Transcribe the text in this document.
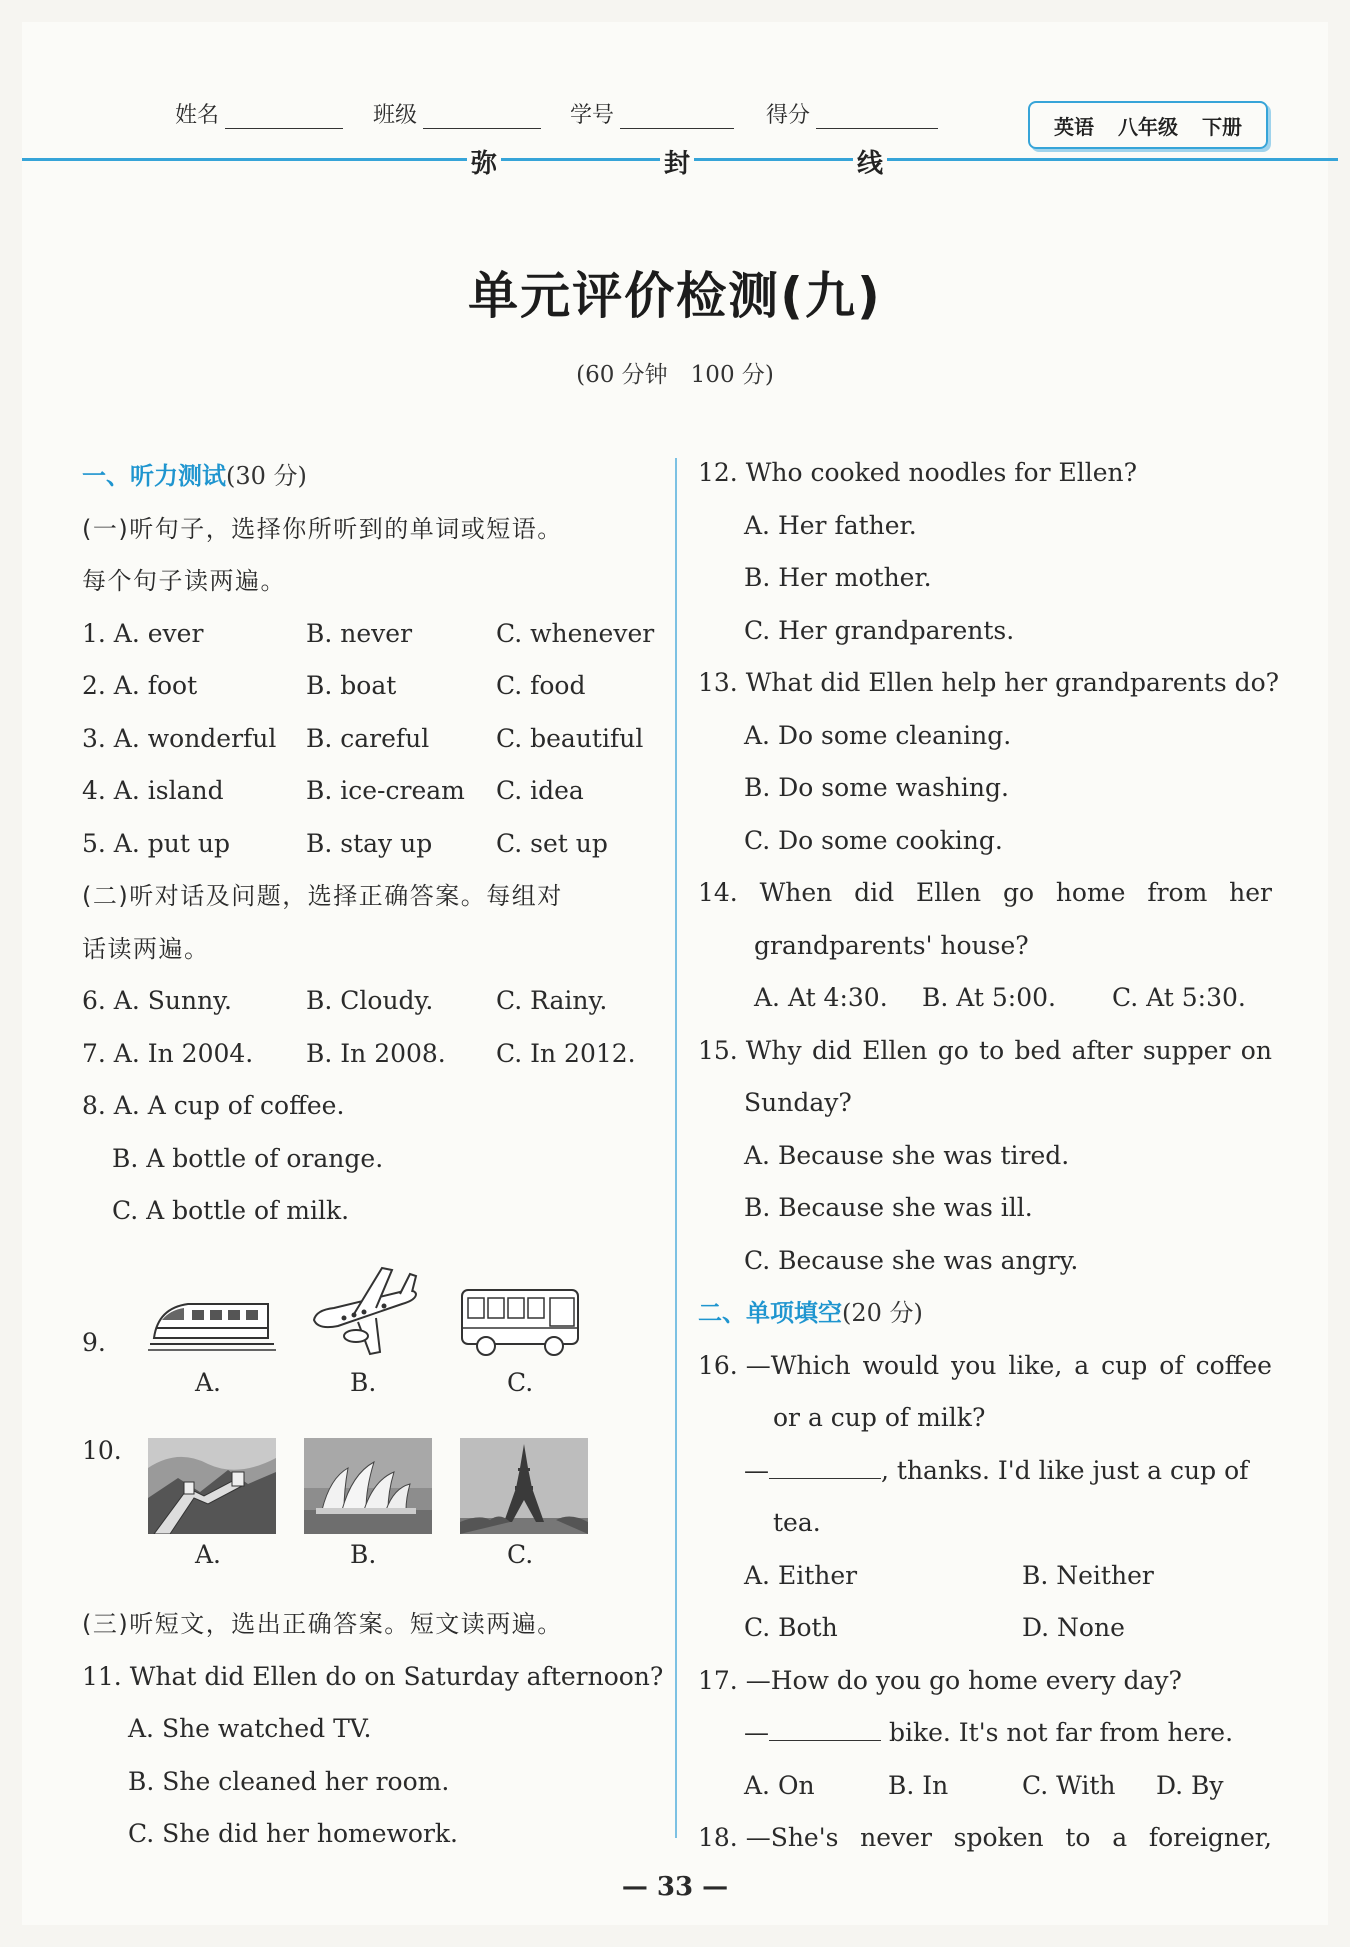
姓名	班级	学号	得分	英语 八年级 下册
弥	封	线
单元评价检测(九)
(60 分钟　100 分)
一、听力测试(30 分)
(一)听句子，选择你所听到的单词或短语。
每个句子读两遍。
1. A. ever	B. never	C. whenever
2. A. foot	B. boat	C. food
3. A. wonderful B. careful	C. beautiful
4. A. island	B. ice-cream C. idea
5. A. put up	B. stay up	C. set up
(二)听对话及问题，选择正确答案。每组对
话读两遍。
6. A. Sunny.	B. Cloudy.	C. Rainy.
7. A. In 2004. B. In 2008. C. In 2012.
8. A. A cup of coffee.
B. A bottle of orange.
C. A bottle of milk.
9.
A.	B.	C.
10.
A.	B.	C.
(三)听短文，选出正确答案。短文读两遍。
11. What did Ellen do on Saturday afternoon?
A. She watched TV.
B. She cleaned her room.
C. She did her homework.
12. Who cooked noodles for Ellen?
A. Her father.
B. Her mother.
C. Her grandparents.
13. What did Ellen help her grandparents do?
A. Do some cleaning.
B. Do some washing.
C. Do some cooking.
14. When did Ellen go home from her
grandparents' house?
A. At 4:30. B. At 5:00. C. At 5:30.
15. Why did Ellen go to bed after supper on
Sunday?
A. Because she was tired.
B. Because she was ill.
C. Because she was angry.
二、单项填空(20 分)
16. —Which would you like, a cup of coffee
or a cup of milk?
—	, thanks. I'd like just a cup of
tea.
A. Either	B. Neither
C. Both	D. None
17. —How do you go home every day?
—	bike. It's not far from here.
A. On	B. In	C. With D. By
18. —She's never spoken to a foreigner,
— 33 —
